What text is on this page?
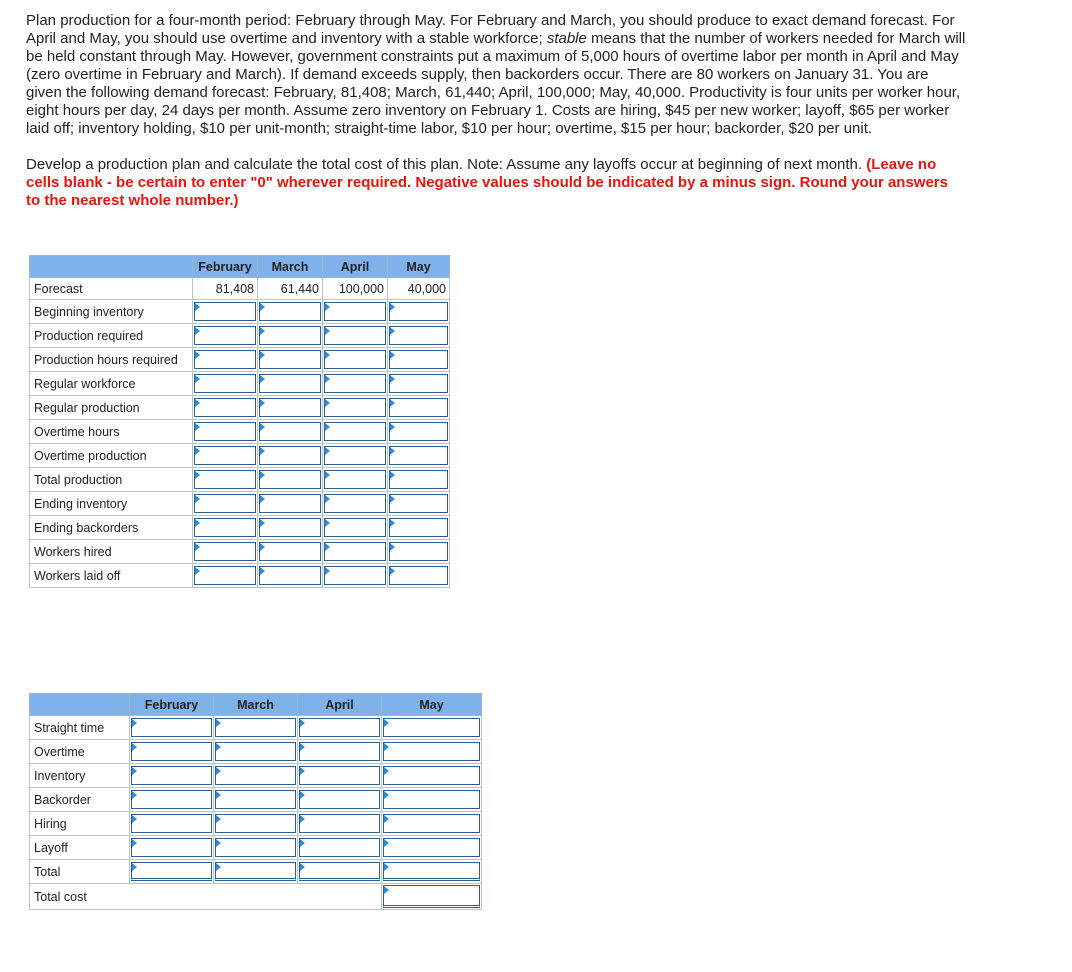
Plan production for a four-month period: February through May. For February and March, you should produce to exact demand forecast. For April and May, you should use overtime and inventory with a stable workforce; stable means that the number of workers needed for March will be held constant through May. However, government constraints put a maximum of 5,000 hours of overtime labor per month in April and May (zero overtime in February and March). If demand exceeds supply, then backorders occur. There are 80 workers on January 31. You are given the following demand forecast: February, 81,408; March, 61,440; April, 100,000; May, 40,000. Productivity is four units per worker hour, eight hours per day, 24 days per month. Assume zero inventory on February 1. Costs are hiring, $45 per new worker; layoff, $65 per worker laid off; inventory holding, $10 per unit-month; straight-time labor, $10 per hour; overtime, $15 per hour; backorder, $20 per unit.

Develop a production plan and calculate the total cost of this plan. Note: Assume any layoffs occur at beginning of next month. (Leave no cells blank - be certain to enter "0" wherever required. Negative values should be indicated by a minus sign. Round your answers to the nearest whole number.)

	February	March	April	May
Forecast	81,408	61,440	100,000	40,000
Beginning inventory	

Production required	

Production hours required	

Regular workforce	

Regular production	

Overtime hours	

Overtime production	

Total production	

Ending inventory	

Ending backorders	

Workers hired	

Workers laid off	

	February	March	April	May
Straight time	

Overtime	

Inventory	

Backorder	

Hiring	

Layoff	

Total	

Total cost				
